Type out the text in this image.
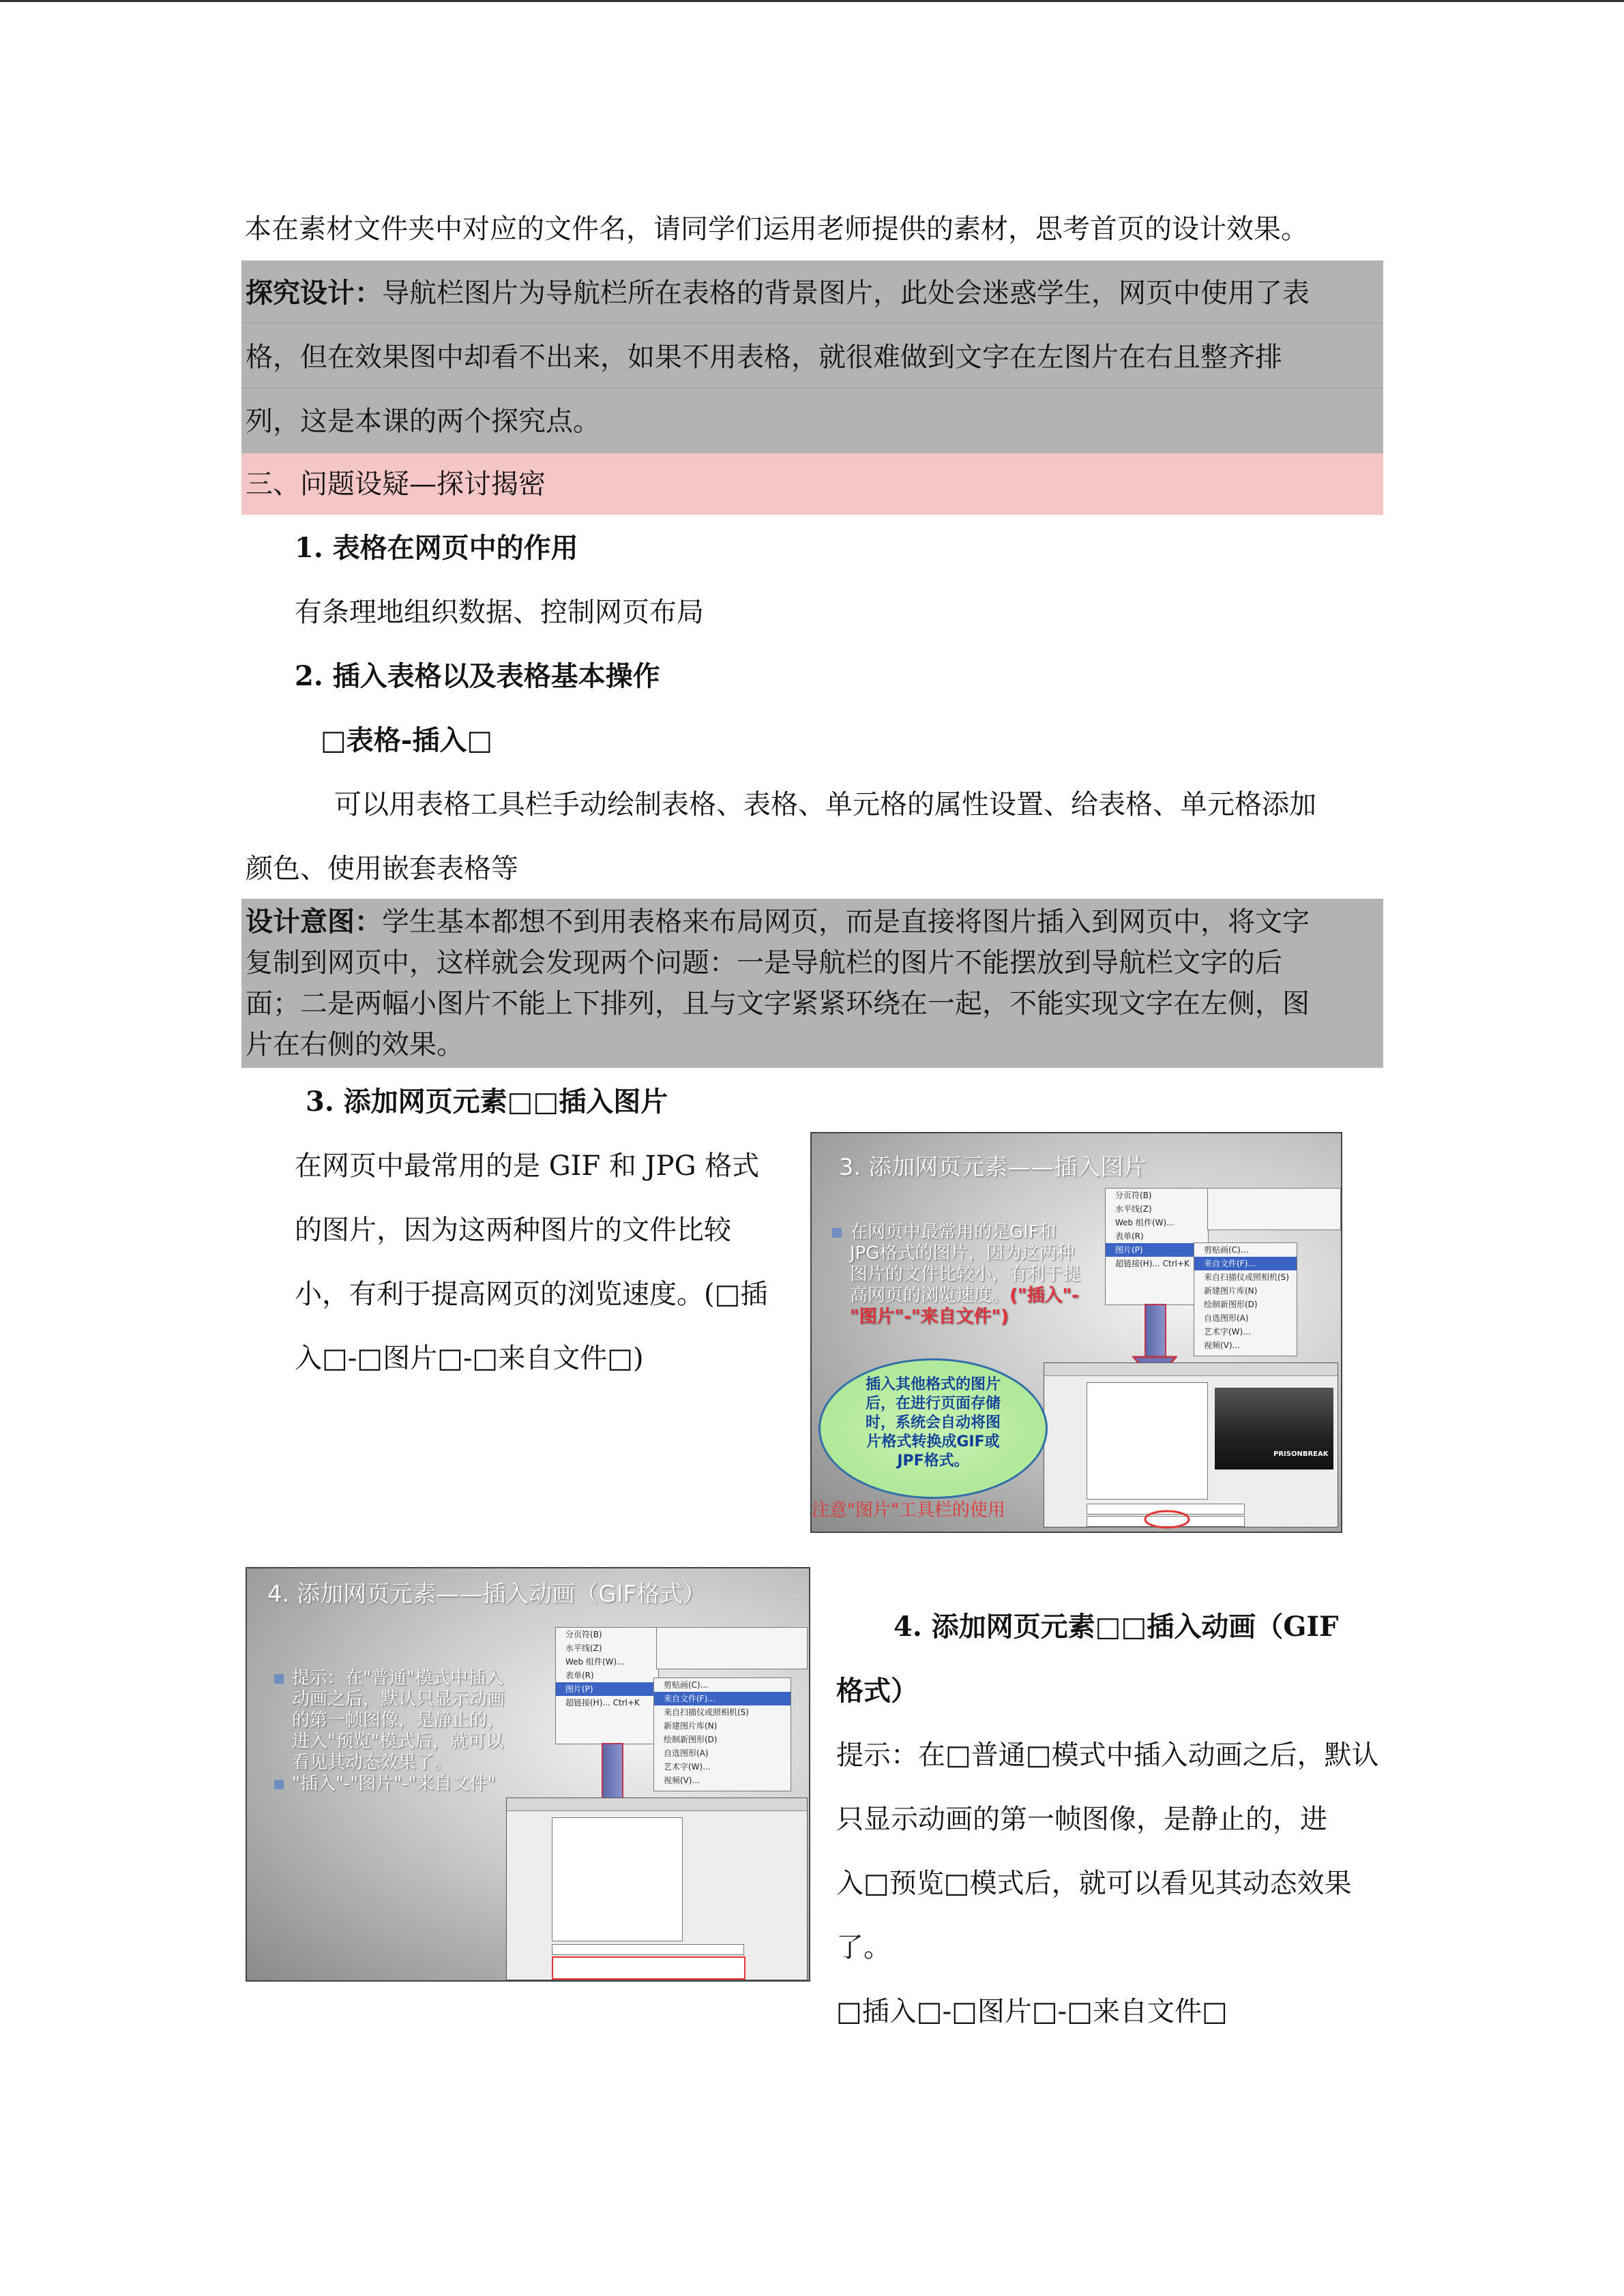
本在素材文件夹中对应的文件名，请同学们运用老师提供的素材，思考首页的设计效果。
探究设计：导航栏图片为导航栏所在表格的背景图片，此处会迷惑学生，网页中使用了表
格，但在效果图中却看不出来，如果不用表格，就很难做到文字在左图片在右且整齐排
列，这是本课的两个探究点。
三、问题设疑—探讨揭密
1. 表格在网页中的作用
有条理地组织数据、控制网页布局
2. 插入表格以及表格基本操作
□表格-插入□
可以用表格工具栏手动绘制表格、表格、单元格的属性设置、给表格、单元格添加
颜色、使用嵌套表格等
设计意图：学生基本都想不到用表格来布局网页，而是直接将图片插入到网页中，将文字
复制到网页中，这样就会发现两个问题：一是导航栏的图片不能摆放到导航栏文字的后
面；二是两幅小图片不能上下排列，且与文字紧紧环绕在一起，不能实现文字在左侧，图
片在右侧的效果。
3. 添加网页元素□□插入图片
在网页中最常用的是 GIF 和 JPG 格式
的图片，因为这两种图片的文件比较
小，有利于提高网页的浏览速度。(□插
入□-□图片□-□来自文件□)
3. 添加网页元素——插入图片
在网页中最常用的是GIF和
JPG格式的图片，因为这两种
图片的文件比较小，有利于提
高网页的浏览速度。("插入"-
"图片"-"来自文件")
分页符(B)
水平线(Z)
Web 组件(W)...
表单(R)
图片(P)
超链接(H)... Ctrl+K
剪贴画(C)...
来自文件(F)...
来自扫描仪或照相机(S)
新建图片库(N)
绘制新图形(D)
自选图形(A)
艺术字(W)...
视频(V)...
PRISONBREAK
插入其他格式的图片
后，在进行页面存储
时，系统会自动将图
片格式转换成GIF或
JPF格式。
注意"图片"工具栏的使用
4. 添加网页元素——插入动画（GIF格式）
提示：在"普通"模式中插入
动画之后，默认只显示动画
的第一帧图像，是静止的，
进入"预览"模式后，就可以
看见其动态效果了。
"插入"-"图片"-"来自文件"
分页符(B)
水平线(Z)
Web 组件(W)...
表单(R)
图片(P)
超链接(H)... Ctrl+K
剪贴画(C)...
来自文件(F)...
来自扫描仪或照相机(S)
新建图片库(N)
绘制新图形(D)
自选图形(A)
艺术字(W)...
视频(V)...
4. 添加网页元素□□插入动画（GIF
格式）
提示：在□普通□模式中插入动画之后，默认
只显示动画的第一帧图像，是静止的，进
入□预览□模式后，就可以看见其动态效果
了。
□插入□-□图片□-□来自文件□
